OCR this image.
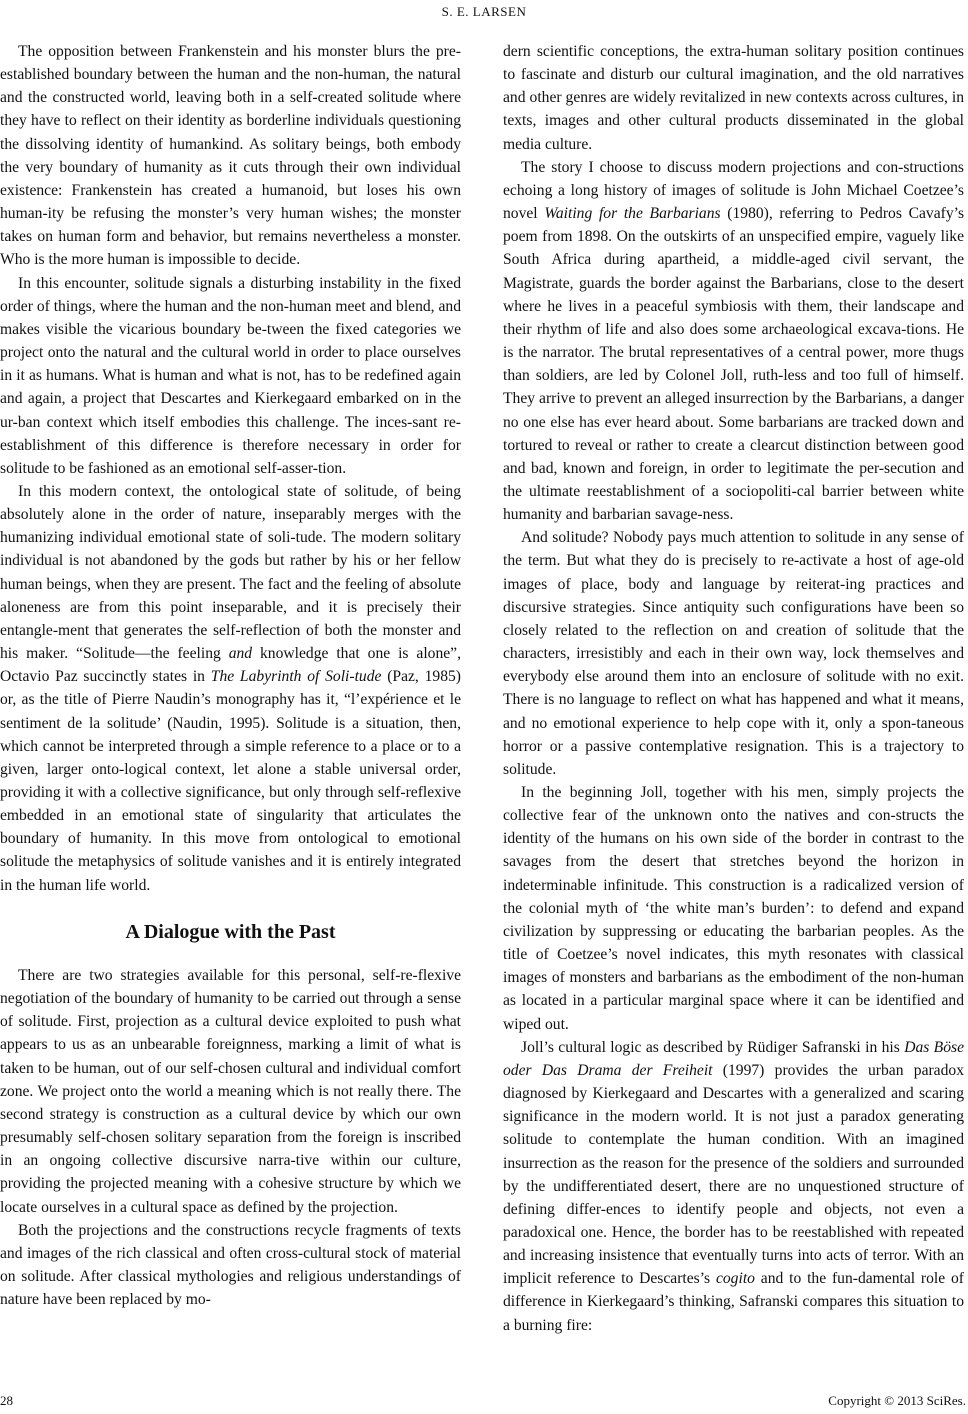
S. E. LARSEN

The opposition between Frankenstein and his monster blurs the pre-established boundary between the human and the non-human, the natural and the constructed world, leaving both in a self-created solitude where they have to reflect on their identity as borderline individuals questioning the dissolving identity of humankind. As solitary beings, both embody the very boundary of humanity as it cuts through their own individual existence: Frankenstein has created a humanoid, but loses his own human-ity be refusing the monster’s very human wishes; the monster takes on human form and behavior, but remains nevertheless a monster. Who is the more human is impossible to decide.

In this encounter, solitude signals a disturbing instability in the fixed order of things, where the human and the non-human meet and blend, and makes visible the vicarious boundary be-tween the fixed categories we project onto the natural and the cultural world in order to place ourselves in it as humans. What is human and what is not, has to be redefined again and again, a project that Descartes and Kierkegaard embarked on in the ur-ban context which itself embodies this challenge. The inces-sant re-establishment of this difference is therefore necessary in order for solitude to be fashioned as an emotional self-asser-tion.

In this modern context, the ontological state of solitude, of being absolutely alone in the order of nature, inseparably merges with the humanizing individual emotional state of soli-tude. The modern solitary individual is not abandoned by the gods but rather by his or her fellow human beings, when they are present. The fact and the feeling of absolute aloneness are from this point inseparable, and it is precisely their entangle-ment that generates the self-reflection of both the monster and his maker. “Solitude—the feeling and knowledge that one is alone”, Octavio Paz succinctly states in The Labyrinth of Soli-tude (Paz, 1985) or, as the title of Pierre Naudin’s monography has it, “l’expérience et le sentiment de la solitude’ (Naudin, 1995). Solitude is a situation, then, which cannot be interpreted through a simple reference to a place or to a given, larger onto-logical context, let alone a stable universal order, providing it with a collective significance, but only through self-reflexive embedded in an emotional state of singularity that articulates the boundary of humanity. In this move from ontological to emotional solitude the metaphysics of solitude vanishes and it is entirely integrated in the human life world.

A Dialogue with the Past

There are two strategies available for this personal, self-re-flexive negotiation of the boundary of humanity to be carried out through a sense of solitude. First, projection as a cultural device exploited to push what appears to us as an unbearable foreignness, marking a limit of what is taken to be human, out of our self-chosen cultural and individual comfort zone. We project onto the world a meaning which is not really there. The second strategy is construction as a cultural device by which our own presumably self-chosen solitary separation from the foreign is inscribed in an ongoing collective discursive narra-tive within our culture, providing the projected meaning with a cohesive structure by which we locate ourselves in a cultural space as defined by the projection.

Both the projections and the constructions recycle fragments of texts and images of the rich classical and often cross-cultural stock of material on solitude. After classical mythologies and religious understandings of nature have been replaced by mo-

dern scientific conceptions, the extra-human solitary position continues to fascinate and disturb our cultural imagination, and the old narratives and other genres are widely revitalized in new contexts across cultures, in texts, images and other cultural products disseminated in the global media culture.

The story I choose to discuss modern projections and con-structions echoing a long history of images of solitude is John Michael Coetzee’s novel Waiting for the Barbarians (1980), referring to Pedros Cavafy’s poem from 1898. On the outskirts of an unspecified empire, vaguely like South Africa during apartheid, a middle-aged civil servant, the Magistrate, guards the border against the Barbarians, close to the desert where he lives in a peaceful symbiosis with them, their landscape and their rhythm of life and also does some archaeological excava-tions. He is the narrator. The brutal representatives of a central power, more thugs than soldiers, are led by Colonel Joll, ruth-less and too full of himself. They arrive to prevent an alleged insurrection by the Barbarians, a danger no one else has ever heard about. Some barbarians are tracked down and tortured to reveal or rather to create a clearcut distinction between good and bad, known and foreign, in order to legitimate the per-secution and the ultimate reestablishment of a sociopoliti-cal barrier between white humanity and barbarian savage-ness.

And solitude? Nobody pays much attention to solitude in any sense of the term. But what they do is precisely to re-activate a host of age-old images of place, body and language by reiterat-ing practices and discursive strategies. Since antiquity such configurations have been so closely related to the reflection on and creation of solitude that the characters, irresistibly and each in their own way, lock themselves and everybody else around them into an enclosure of solitude with no exit. There is no language to reflect on what has happened and what it means, and no emotional experience to help cope with it, only a spon-taneous horror or a passive contemplative resignation. This is a trajectory to solitude.

In the beginning Joll, together with his men, simply projects the collective fear of the unknown onto the natives and con-structs the identity of the humans on his own side of the border in contrast to the savages from the desert that stretches beyond the horizon in indeterminable infinitude. This construction is a radicalized version of the colonial myth of ‘the white man’s burden’: to defend and expand civilization by suppressing or educating the barbarian peoples. As the title of Coetzee’s novel indicates, this myth resonates with classical images of monsters and barbarians as the embodiment of the non-human as located in a particular marginal space where it can be identified and wiped out.

Joll’s cultural logic as described by Rüdiger Safranski in his Das Böse oder Das Drama der Freiheit (1997) provides the urban paradox diagnosed by Kierkegaard and Descartes with a generalized and scaring significance in the modern world. It is not just a paradox generating solitude to contemplate the human condition. With an imagined insurrection as the reason for the presence of the soldiers and surrounded by the undifferentiated desert, there are no unquestioned structure of defining differ-ences to identify people and objects, not even a paradoxical one. Hence, the border has to be reestablished with repeated and increasing insistence that eventually turns into acts of terror. With an implicit reference to Descartes’s cogito and to the fun-damental role of difference in Kierkegaard’s thinking, Safranski compares this situation to a burning fire:

28	Copyright © 2013 SciRes.
